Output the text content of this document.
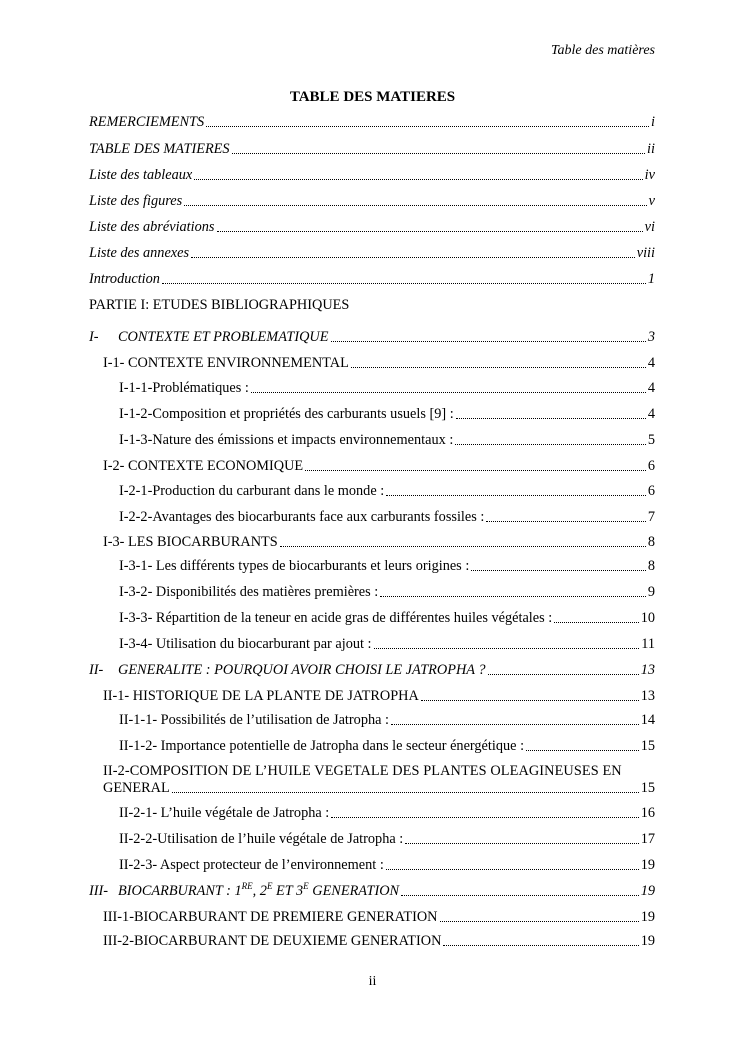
Table des matières
TABLE DES MATIERES
REMERCIEMENTS	i
TABLE DES MATIERES	ii
Liste des tableaux	iv
Liste des figures	v
Liste des abréviations	vi
Liste des annexes	viii
Introduction	1
PARTIE I: ETUDES BIBLIOGRAPHIQUES
I-	CONTEXTE ET PROBLEMATIQUE	3
I-1- CONTEXTE ENVIRONNEMENTAL	4
I-1-1-Problématiques :	4
I-1-2-Composition et propriétés des carburants usuels [9] :	4
I-1-3-Nature des émissions et impacts environnementaux :	5
I-2- CONTEXTE ECONOMIQUE	6
I-2-1-Production du carburant dans le monde :	6
I-2-2-Avantages des biocarburants face aux carburants fossiles :	7
I-3- LES BIOCARBURANTS	8
I-3-1- Les différents types de biocarburants et leurs origines :	8
I-3-2- Disponibilités des matières premières :	9
I-3-3- Répartition de la teneur en acide gras de différentes huiles végétales :	10
I-3-4- Utilisation du biocarburant par ajout :	11
II-	GENERALITE : POURQUOI AVOIR CHOISI LE JATROPHA ?	13
II-1- HISTORIQUE DE LA PLANTE DE JATROPHA	13
II-1-1- Possibilités de l’utilisation de Jatropha :	14
II-1-2- Importance potentielle de Jatropha dans le secteur énergétique :	15
II-2-COMPOSITION DE L’HUILE VEGETALE DES PLANTES OLEAGINEUSES EN
GENERAL	15
II-2-1- L’huile végétale de Jatropha :	16
II-2-2-Utilisation de l’huile végétale de Jatropha :	17
II-2-3- Aspect protecteur de l’environnement :	19
III- BIOCARBURANT : 1RE, $2^E$ ET $3^E$ GENERATION	19
III-1-BIOCARBURANT DE PREMIERE GENERATION	19
III-2-BIOCARBURANT DE DEUXIEME GENERATION	19
ii
